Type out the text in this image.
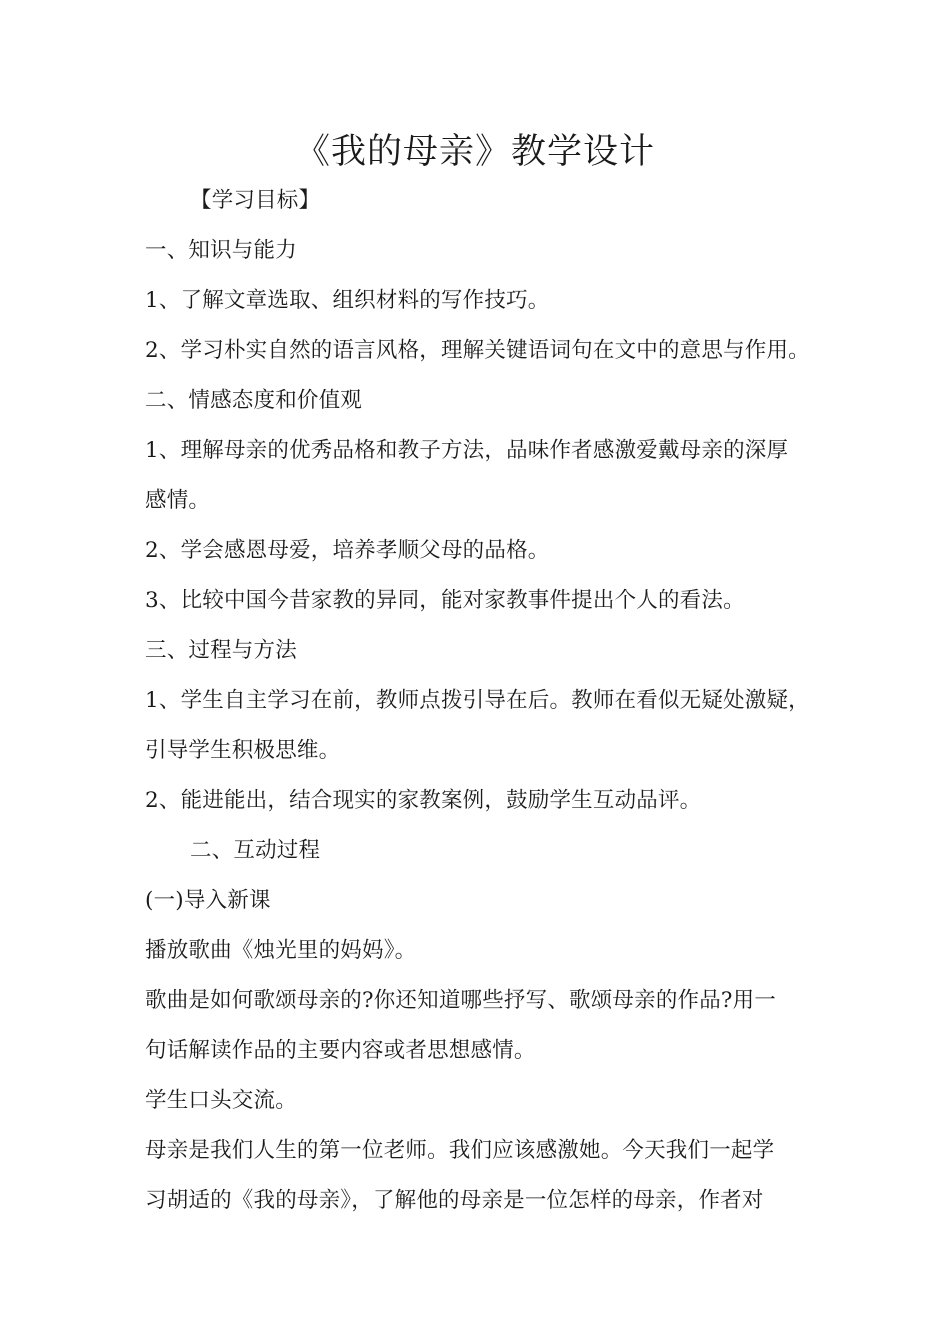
《我的母亲》教学设计
【学习目标】
一、知识与能力
1、了解文章选取、组织材料的写作技巧。
2、学习朴实自然的语言风格，理解关键语词句在文中的意思与作用。
二、情感态度和价值观
1、理解母亲的优秀品格和教子方法，品味作者感激爱戴母亲的深厚
感情。
2、学会感恩母爱，培养孝顺父母的品格。
3、比较中国今昔家教的异同，能对家教事件提出个人的看法。
三、过程与方法
1、学生自主学习在前，教师点拨引导在后。教师在看似无疑处激疑，
引导学生积极思维。
2、能进能出，结合现实的家教案例，鼓励学生互动品评。
二、互动过程
(一)导入新课
播放歌曲《烛光里的妈妈》。
歌曲是如何歌颂母亲的?你还知道哪些抒写、歌颂母亲的作品?用一
句话解读作品的主要内容或者思想感情。
学生口头交流。
母亲是我们人生的第一位老师。我们应该感激她。今天我们一起学
习胡适的《我的母亲》，了解他的母亲是一位怎样的母亲，作者对
